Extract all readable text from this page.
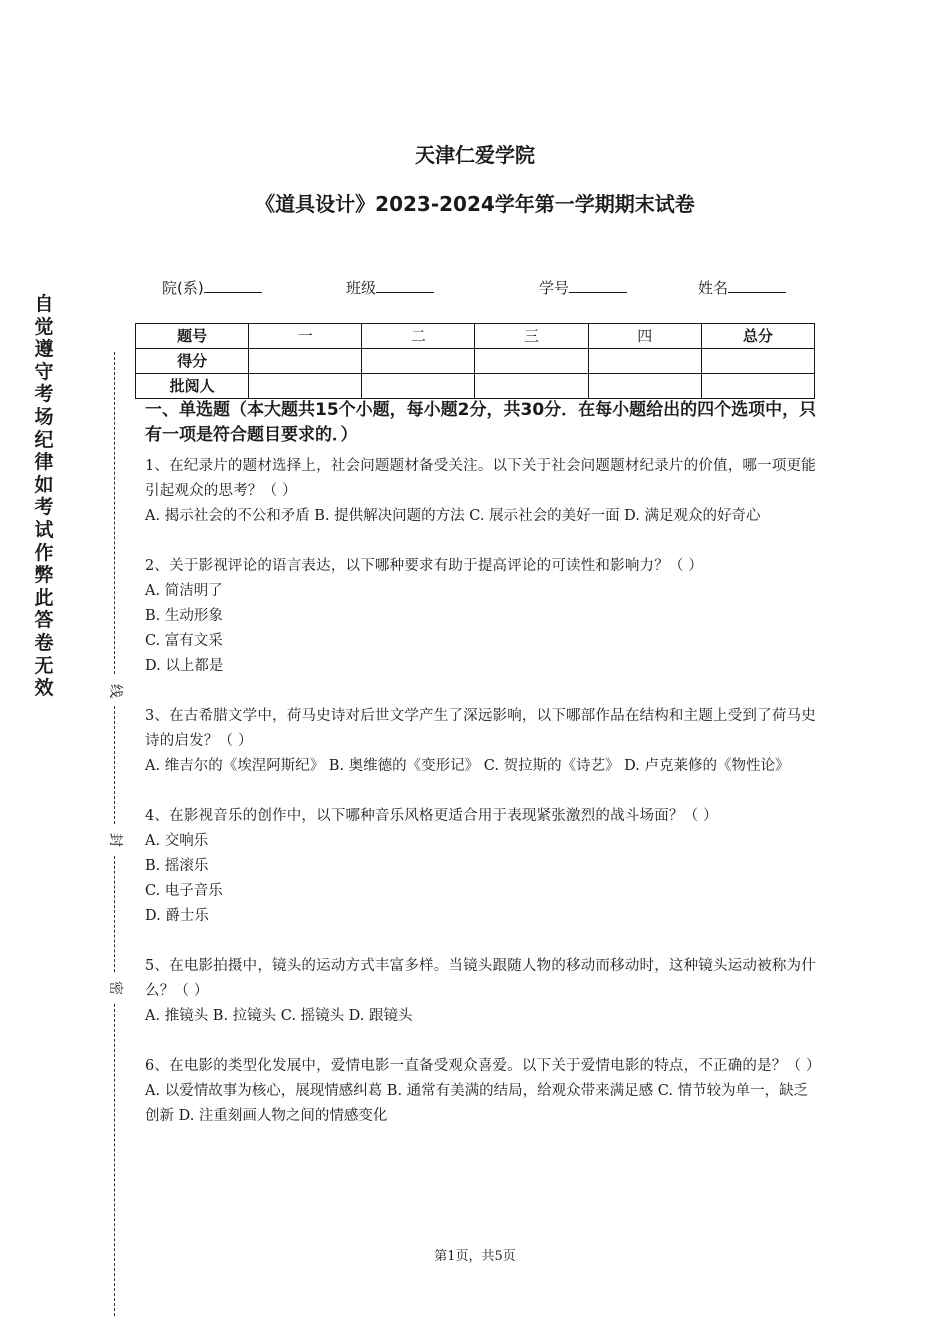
天津仁爱学院
《道具设计》2023-2024学年第一学期期末试卷
院(系)	班级	学号	姓名
题号	一	二	三	四	总分
得分					
批阅人					
自觉遵守考场纪律如考试作弊此答卷无效	线
封
密

一、单选题（本大题共15个小题，每小题2分，共30分．在每小题给出的四个选项中，只有一项是符合题目要求的．）

1、在纪录片的题材选择上，社会问题题材备受关注。以下关于社会问题题材纪录片的价值，哪一项更能引起观众的思考？（ ）

A. 揭示社会的不公和矛盾 B. 提供解决问题的方法 C. 展示社会的美好一面 D. 满足观众的好奇心

2、关于影视评论的语言表达，以下哪种要求有助于提高评论的可读性和影响力？（ ）

A. 简洁明了

B. 生动形象

C. 富有文采

D. 以上都是

3、在古希腊文学中，荷马史诗对后世文学产生了深远影响，以下哪部作品在结构和主题上受到了荷马史诗的启发？（ ）

A. 维吉尔的《埃涅阿斯纪》 B. 奥维德的《变形记》 C. 贺拉斯的《诗艺》 D. 卢克莱修的《物性论》

4、在影视音乐的创作中，以下哪种音乐风格更适合用于表现紧张激烈的战斗场面？（ ）

A. 交响乐

B. 摇滚乐

C. 电子音乐

D. 爵士乐

5、在电影拍摄中，镜头的运动方式丰富多样。当镜头跟随人物的移动而移动时，这种镜头运动被称为什么？（ ）

A. 推镜头 B. 拉镜头 C. 摇镜头 D. 跟镜头

6、在电影的类型化发展中，爱情电影一直备受观众喜爱。以下关于爱情电影的特点，不正确的是？（ ）

A. 以爱情故事为核心，展现情感纠葛 B. 通常有美满的结局，给观众带来满足感 C. 情节较为单一，缺乏创新 D. 注重刻画人物之间的情感变化

第1页，共5页
